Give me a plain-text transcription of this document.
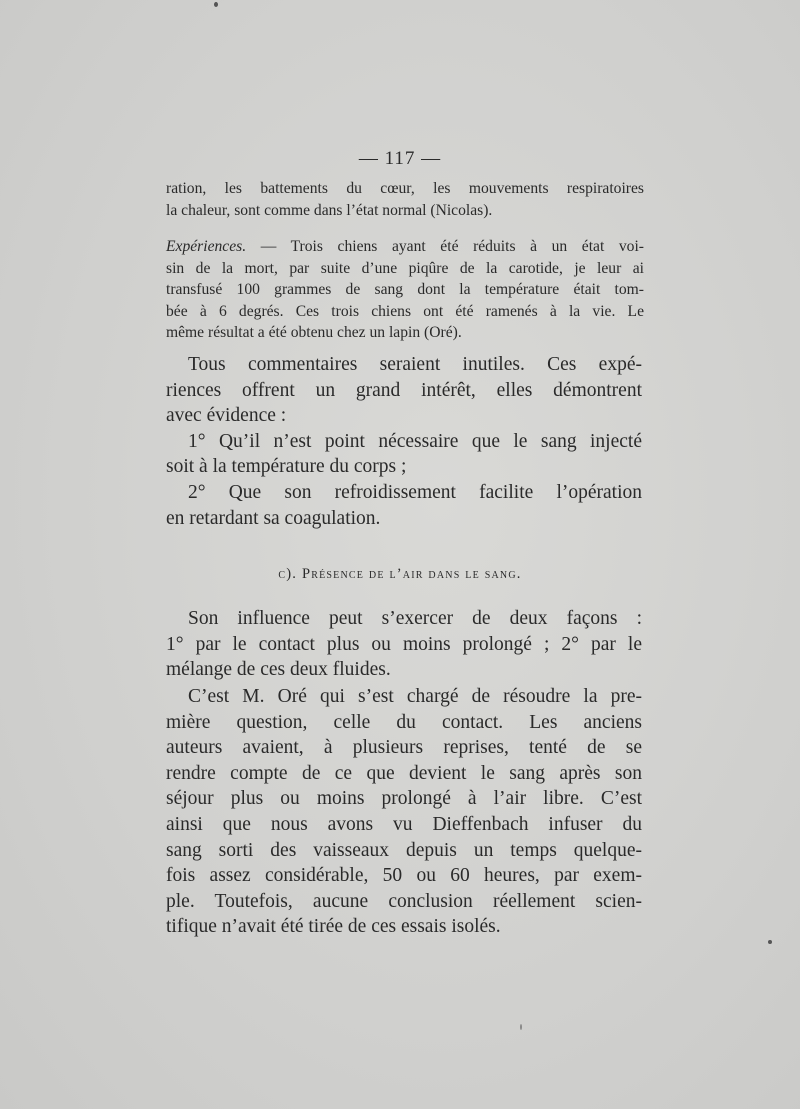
— 117 —
ration, les battements du cœur, les mouvements respiratoires
la chaleur, sont comme dans l’état normal (Nicolas).
Expériences. — Trois chiens ayant été réduits à un état voi-
sin de la mort, par suite d’une piqûre de la carotide, je leur ai
transfusé 100 grammes de sang dont la température était tom-
bée à 6 degrés. Ces trois chiens ont été ramenés à la vie. Le
même résultat a été obtenu chez un lapin (Oré).
Tous commentaires seraient inutiles. Ces expé-
riences offrent un grand intérêt, elles démontrent
avec évidence :
1° Qu’il n’est point nécessaire que le sang injecté
soit à la température du corps ;
2° Que son refroidissement facilite l’opération
en retardant sa coagulation.
c). Présence de l’air dans le sang.
Son influence peut s’exercer de deux façons :
1° par le contact plus ou moins prolongé ; 2° par le
mélange de ces deux fluides.
C’est M. Oré qui s’est chargé de résoudre la pre-
mière question, celle du contact. Les anciens
auteurs avaient, à plusieurs reprises, tenté de se
rendre compte de ce que devient le sang après son
séjour plus ou moins prolongé à l’air libre. C’est
ainsi que nous avons vu Dieffenbach infuser du
sang sorti des vaisseaux depuis un temps quelque-
fois assez considérable, 50 ou 60 heures, par exem-
ple. Toutefois, aucune conclusion réellement scien-
tifique n’avait été tirée de ces essais isolés.
